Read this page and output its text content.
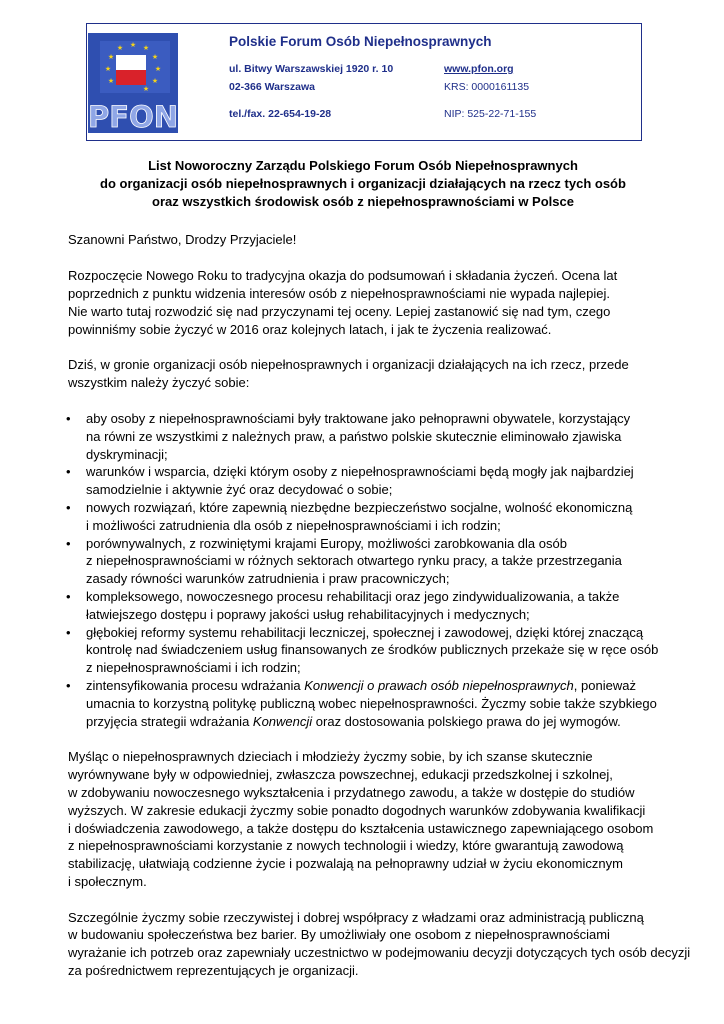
★ ★
★
★
★
★
★
★
★
★
PFON
Polskie Forum Osób Niepełnosprawnych
ul. Bitwy Warszawskiej 1920 r. 10
02-366 Warszawa
tel./fax. 22-654-19-28
www.pfon.org
KRS: 0000161135
NIP: 525-22-71-155
List Noworoczny Zarządu Polskiego Forum Osób Niepełnosprawnych
do organizacji osób niepełnosprawnych i organizacji działających na rzecz tych osób
oraz wszystkich środowisk osób z niepełnosprawnościami w Polsce
Szanowni Państwo, Drodzy Przyjaciele!
Rozpoczęcie Nowego Roku to tradycyjna okazja do podsumowań i składania życzeń. Ocena lat
poprzednich z punktu widzenia interesów osób z niepełnosprawnościami nie wypada najlepiej.
Nie warto tutaj rozwodzić się nad przyczynami tej oceny. Lepiej zastanowić się nad tym, czego
powinniśmy sobie życzyć w 2016 oraz kolejnych latach, i jak te życzenia realizować.
Dziś, w gronie organizacji osób niepełnosprawnych i organizacji działających na ich rzecz, przede
wszystkim należy życzyć sobie:
• aby osoby z niepełnosprawnościami były traktowane jako pełnoprawni obywatele, korzystający
na równi ze wszystkimi z należnych praw, a państwo polskie skutecznie eliminowało zjawiska
dyskryminacji;
• warunków i wsparcia, dzięki którym osoby z niepełnosprawnościami będą mogły jak najbardziej
samodzielnie i aktywnie żyć oraz decydować o sobie;
• nowych rozwiązań, które zapewnią niezbędne bezpieczeństwo socjalne, wolność ekonomiczną
i możliwości zatrudnienia dla osób z niepełnosprawnościami i ich rodzin;
• porównywalnych, z rozwiniętymi krajami Europy, możliwości zarobkowania dla osób
z niepełnosprawnościami w różnych sektorach otwartego rynku pracy, a także przestrzegania
zasady równości warunków zatrudnienia i praw pracowniczych;
• kompleksowego, nowoczesnego procesu rehabilitacji oraz jego zindywidualizowania, a także
łatwiejszego dostępu i poprawy jakości usług rehabilitacyjnych i medycznych;
• głębokiej reformy systemu rehabilitacji leczniczej, społecznej i zawodowej, dzięki której znaczącą
kontrolę nad świadczeniem usług finansowanych ze środków publicznych przekaże się w ręce osób
z niepełnosprawnościami i ich rodzin;
• zintensyfikowania procesu wdrażania Konwencji o prawach osób niepełnosprawnych, ponieważ
umacnia to korzystną politykę publiczną wobec niepełnosprawności. Życzmy sobie także szybkiego
przyjęcia strategii wdrażania Konwencji oraz dostosowania polskiego prawa do jej wymogów.
Myśląc o niepełnosprawnych dzieciach i młodzieży życzmy sobie, by ich szanse skutecznie
wyrównywane były w odpowiedniej, zwłaszcza powszechnej, edukacji przedszkolnej i szkolnej,
w zdobywaniu nowoczesnego wykształcenia i przydatnego zawodu, a także w dostępie do studiów
wyższych. W zakresie edukacji życzmy sobie ponadto dogodnych warunków zdobywania kwalifikacji
i doświadczenia zawodowego, a także dostępu do kształcenia ustawicznego zapewniającego osobom
z niepełnosprawnościami korzystanie z nowych technologii i wiedzy, które gwarantują zawodową
stabilizację, ułatwiają codzienne życie i pozwalają na pełnoprawny udział w życiu ekonomicznym
i społecznym.
Szczególnie życzmy sobie rzeczywistej i dobrej współpracy z władzami oraz administracją publiczną
w budowaniu społeczeństwa bez barier. By umożliwiały one osobom z niepełnosprawnościami
wyrażanie ich potrzeb oraz zapewniały uczestnictwo w podejmowaniu decyzji dotyczących tych osób decyzji
za pośrednictwem reprezentujących je organizacji.
